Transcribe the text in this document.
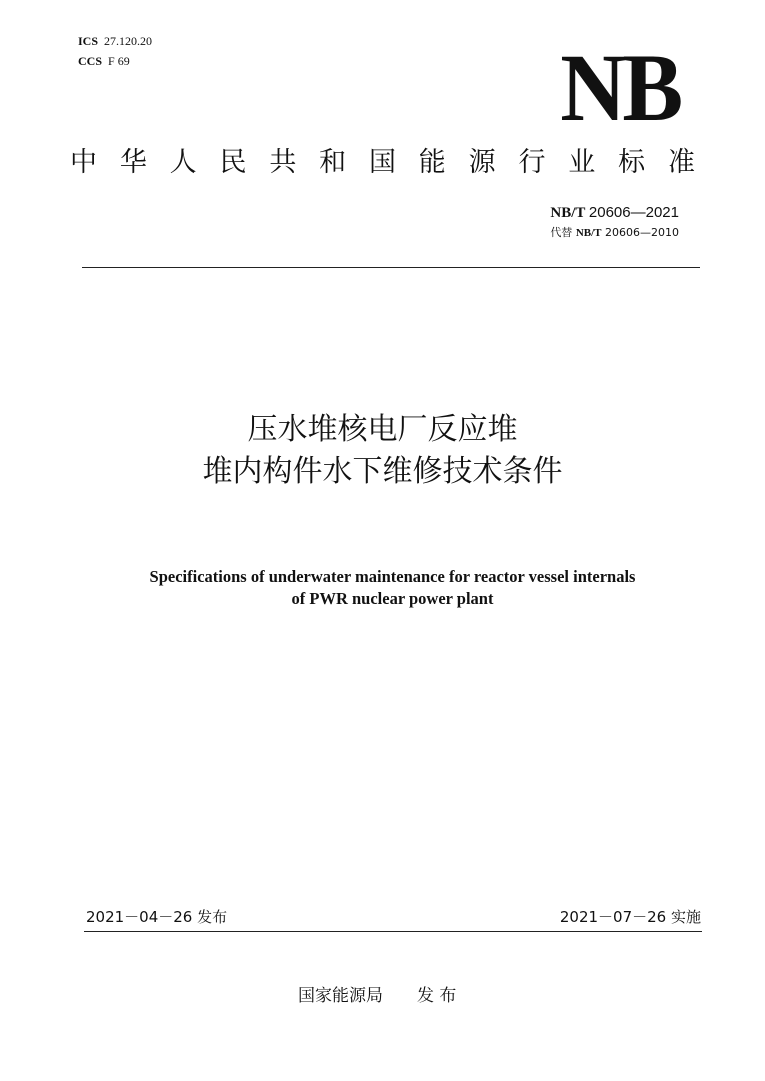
ICS 27.120.20
CCS F 69	NB
中 华 人 民 共 和 国 能 源 行 业 标 准
NB/T 20606—2021
代替 NB/T 20606—2010
压水堆核电厂反应堆
堆内构件水下维修技术条件
Specifications of underwater maintenance for reactor vessel internals
of PWR nuclear power plant
2021－04－26 发布	2021－07－26 实施
国家能源局 发 布
